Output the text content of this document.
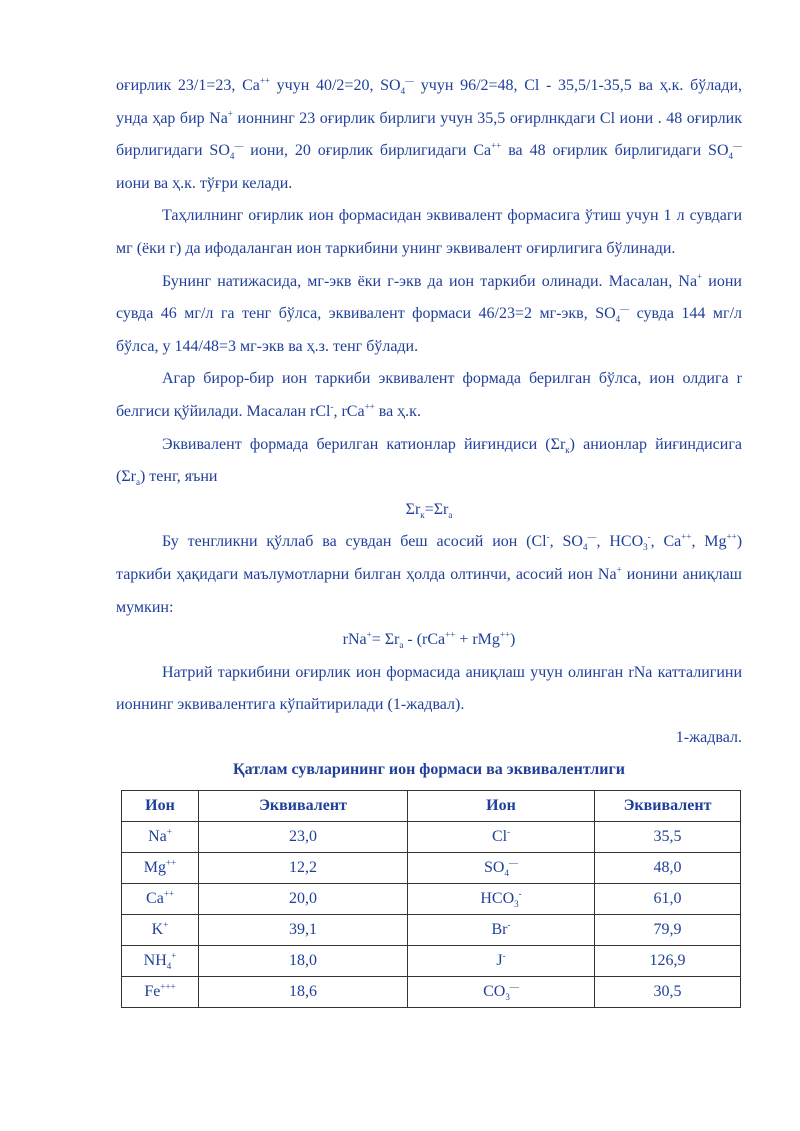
оғирлик 23/1=23, Са++ учун 40/2=20, $SO_4^—$ учун 96/2=48, Cl - 35,5/1-35,5 ва ҳ.к. бўлади, унда ҳар бир Na+ ионнинг 23 оғирлик бирлиги учун 35,5 оғирлнкдаги Cl иони . 48 оғирлик бирлигидаги $SO_4^—$ иони, 20 оғирлик бирлигидаги Са++ ва 48 оғирлик бирлигидаги $SO_4^—$ иони ва ҳ.к. тўғри келади.

Таҳлилнинг оғирлик ион формасидан эквивалент формасига ўтиш учун 1 л сувдаги мг (ёки г) да ифодаланган ион таркибини унинг эквивалент оғирлигига бўлинади.

Бунинг натижасида, мг-экв ёки г-экв да ион таркиби олинади. Масалан, Na+ иони сувда 46 мг/л га тенг бўлса, эквивалент формаси 46/23=2 мг-экв, $SO_4^—$ сувда 144 мг/л бўлса, у 144/48=3 мг-экв ва ҳ.з. тенг бўлади.

Агар бирор-бир ион таркиби эквивалент формада берилган бўлса, ион олдига r белгиси қўйилади. Масалан rCl-, rCa++ ва ҳ.к.

Эквивалент формада берилган катионлар йиғиндиси $(\Sigma r_к)$ анионлар йиғиндисига $(\Sigma r_а)$ тенг, яъни

$\Sigma r_к=\Sigma r_а$

Бу тенгликни қўллаб ва сувдан беш асосий ион (Cl-, $SO_4^—$, $HCO_3^-$, Ca++, Mg++) таркиби ҳақидаги маълумотларни билган ҳолда олтинчи, асосий ион Na+ ионини аниқлаш мумкин:

$rNa^+= \Sigma r_а - (rCa^{++} + rMg^{++})$

Натрий таркибини оғирлик ион формасида аниқлаш учун олинган rNa катталигини ионнинг эквивалентига кўпайтирилади (1-жадвал).

1-жадвал.

Қатлам сувларининг ион формаси ва эквивалентлиги

Ион	Эквивалент	Ион	Эквивалент
Na+	23,0	Cl-	35,5
Mg++	12,2	$SO_4^—$	48,0
Ca++	20,0	$HCO_3^-$	61,0
K+	39,1	Br-	79,9
$NH_4^+$	18,0	J-	126,9
Fe+++	18,6	$CO_3^—$	30,5
